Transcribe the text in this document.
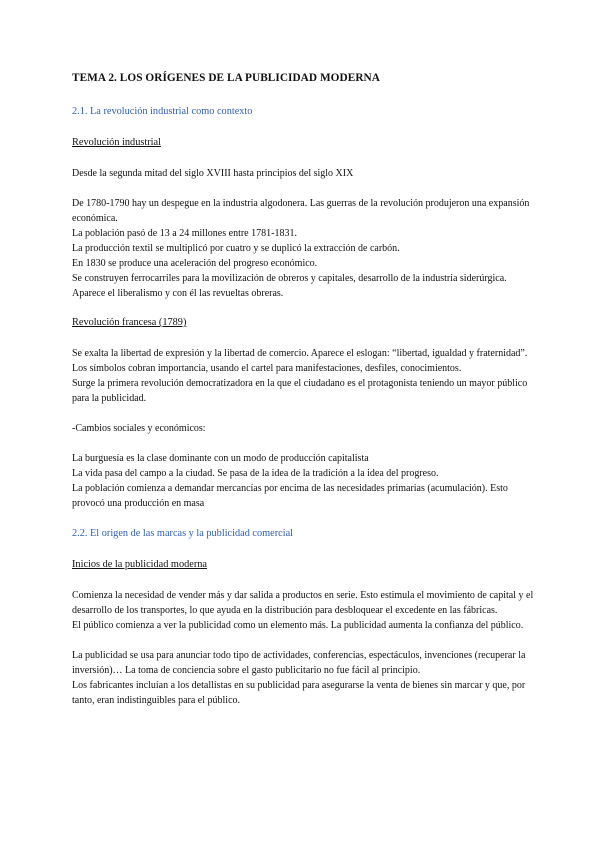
TEMA 2. LOS ORÍGENES DE LA PUBLICIDAD MODERNA
2.1. La revolución industrial como contexto
Revolución industrial

Desde la segunda mitad del siglo XVIII hasta principios del siglo XIX

De 1780-1790 hay un despegue en la industria algodonera. Las guerras de la revolución produjeron una expansión económica.
La población pasó de 13 a 24 millones entre 1781-1831.
La producción textil se multiplicó por cuatro y se duplicó la extracción de carbón.
En 1830 se produce una aceleración del progreso económico.
Se construyen ferrocarriles para la movilización de obreros y capitales, desarrollo de la industria siderúrgica.
Aparece el liberalismo y con él las revueltas obreras.

Revolución francesa (1789)

Se exalta la libertad de expresión y la libertad de comercio. Aparece el eslogan: “libertad, igualdad y fraternidad”.
Los símbolos cobran importancia, usando el cartel para manifestaciones, desfiles, conocimientos.
Surge la primera revolución democratizadora en la que el ciudadano es el protagonista teniendo un mayor público para la publicidad.

-Cambios sociales y económicos:

La burguesía es la clase dominante con un modo de producción capitalista
La vida pasa del campo a la ciudad. Se pasa de la idea de la tradición a la idea del progreso.
La población comienza a demandar mercancías por encima de las necesidades primarias (acumulación). Esto provocó una producción en masa

2.2. El origen de las marcas y la publicidad comercial
Inicios de la publicidad moderna

Comienza la necesidad de vender más y dar salida a productos en serie. Esto estimula el movimiento de capital y el desarrollo de los transportes, lo que ayuda en la distribución para desbloquear el excedente en las fábricas.
El público comienza a ver la publicidad como un elemento más. La publicidad aumenta la confianza del público.

La publicidad se usa para anunciar todo tipo de actividades, conferencias, espectáculos, invenciones (recuperar la inversión)… La toma de conciencia sobre el gasto publicitario no fue fácil al principio.
Los fabricantes incluían a los detallistas en su publicidad para asegurarse la venta de bienes sin marcar y que, por tanto, eran indistinguibles para el público.
